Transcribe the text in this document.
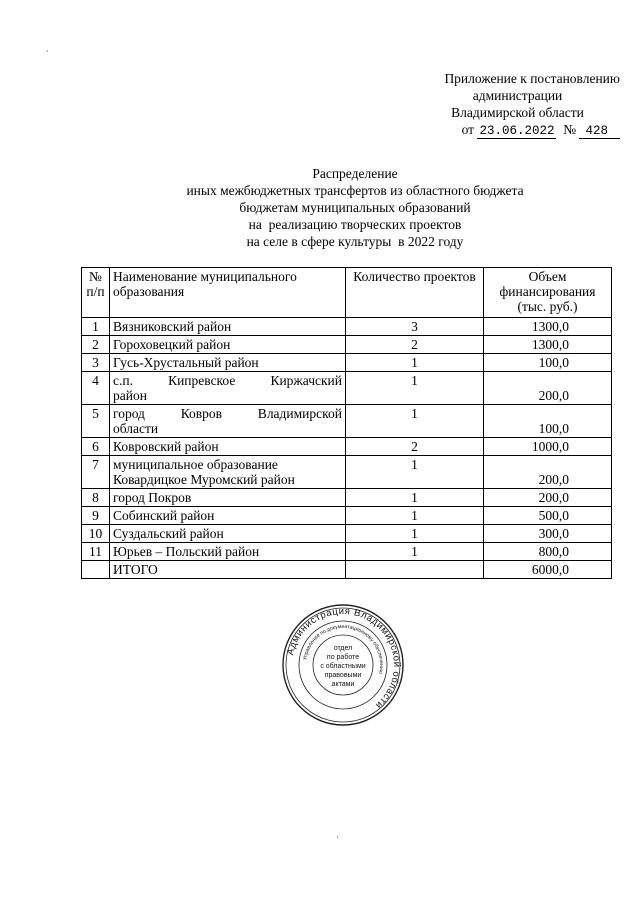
Приложение к постановлению
администрации
Владимирской области
от 23.06.2022 № 428
Распределение
иных межбюджетных трансфертов из областного бюджета
бюджетам муниципальных образований
на  реализацию творческих проектов
на селе в сфере культуры  в 2022 году
№ п/п	Наименование муниципального образования	Количество проектов	Объем финансирования (тыс. руб.)
1	Вязниковский район	3	1300,0
2	Гороховецкий район	2	1300,0
3	Гусь-Хрустальный район	1	100,0
4	с.п. Кипревское Киржачский
район	1	200,0
5	город Ковров Владимирской
области	1	100,0
6	Ковровский район	2	1000,0
7	муниципальное образование
Ковардицкое Муромский район	1	200,0
8	город Покров	1	200,0
9	Собинский район	1	500,0
10	Суздальский район	1	300,0
11	Юрьев – Польский район	1	800,0
	ИТОГО		6000,0
Администрация Владимирской области
Управление по документационному обеспечению
отдел
по работе
с областными
правовыми
актами
·
·
